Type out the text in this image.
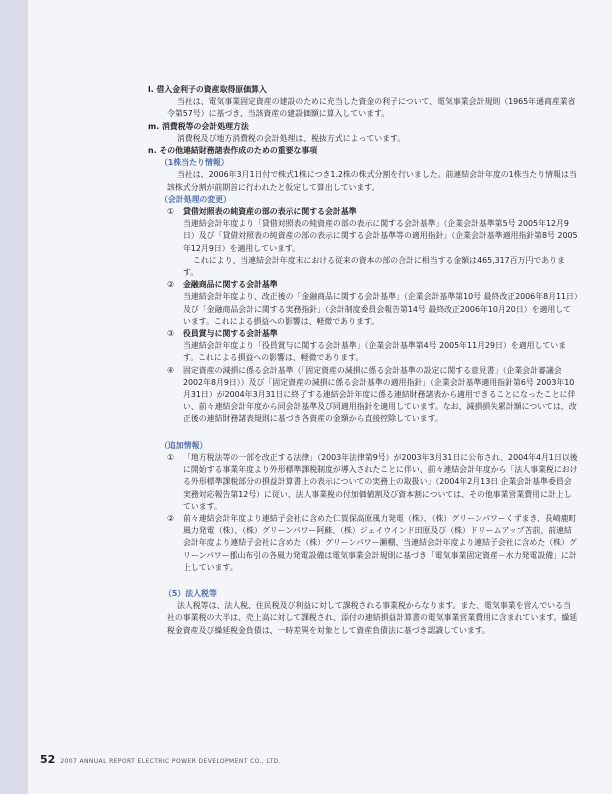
l. 借入金利子の資産取得原価算入

当社は、電気事業固定資産の建設のために充当した資金の利子について、電気事業会計規則（1965年通商産業省令第57号）に基づき、当該資産の建設価額に算入しています。

m. 消費税等の会計処理方法

消費税及び地方消費税の会計処理は、税抜方式によっています。

n. その他連結財務諸表作成のための重要な事項

（1株当たり情報）

当社は、2006年3月1日付で株式1株につき1.2株の株式分割を行いました。前連結会計年度の1株当たり情報は当該株式分割が前期首に行われたと仮定して算出しています。

（会計処理の変更）

① 貸借対照表の純資産の部の表示に関する会計基準

当連結会計年度より「貸借対照表の純資産の部の表示に関する会計基準」（企業会計基準第5号 2005年12月9日）及び「貸借対照表の純資産の部の表示に関する会計基準等の適用指針」（企業会計基準適用指針第8号 2005年12月9日）を適用しています。

これにより、当連結会計年度末における従来の資本の部の合計に相当する金額は465,317百万円であります。

② 金融商品に関する会計基準

当連結会計年度より、改正後の「金融商品に関する会計基準」（企業会計基準第10号 最終改正2006年8月11日）及び「金融商品会計に関する実務指針」（会計制度委員会報告第14号 最終改正2006年10月20日）を適用しています。これによる損益への影響は、軽微であります。

③ 役員賞与に関する会計基準

当連結会計年度より「役員賞与に関する会計基準」（企業会計基準第4号 2005年11月29日）を適用しています。これによる損益への影響は、軽微であります。

④ 固定資産の減損に係る会計基準（「固定資産の減損に係る会計基準の設定に関する意見書」（企業会計審議会 2002年8月9日））及び「固定資産の減損に係る会計基準の適用指針」（企業会計基準適用指針第6号 2003年10月31日）が2004年3月31日に終了する連結会計年度に係る連結財務諸表から適用できることになったことに伴い、前々連結会計年度から同会計基準及び同適用指針を適用しています。なお、減損損失累計額については、改正後の連結財務諸表規則に基づき各資産の金額から直接控除しています。

（追加情報）

① 「地方税法等の一部を改正する法律」（2003年法律第9号）が2003年3月31日に公布され、2004年4月1日以後に開始する事業年度より外形標準課税制度が導入されたことに伴い、前々連結会計年度から「法人事業税における外形標準課税部分の損益計算書上の表示についての実務上の取扱い」（2004年2月13日 企業会計基準委員会 実務対応報告第12号）に従い、法人事業税の付加価値割及び資本割については、その他事業営業費用に計上しています。

② 前々連結会計年度より連結子会社に含めた仁賀保高原風力発電（株）、（株）グリーンパワーくずまき、長崎鹿町風力発電（株）、（株）グリーンパワー阿蘇、（株）ジェイウインド田原及び（株）ドリームアップ苫前、前連結会計年度より連結子会社に含めた（株）グリーンパワー瀬棚、当連結会計年度より連結子会社に含めた（株）グリーンパワー郡山布引の各風力発電設備は電気事業会計規則に基づき「電気事業固定資産－水力発電設備」に計上しています。

（5）法人税等

法人税等は、法人税、住民税及び利益に対して課税される事業税からなります。また、電気事業を営んでいる当社の事業税の大半は、売上高に対して課税され、添付の連結損益計算書の電気事業営業費用に含まれています。繰延税金資産及び繰延税金負債は、一時差異を対象として資産負債法に基づき認識しています。

52 2007 ANNUAL REPORT ELECTRIC POWER DEVELOPMENT CO., LTD.
